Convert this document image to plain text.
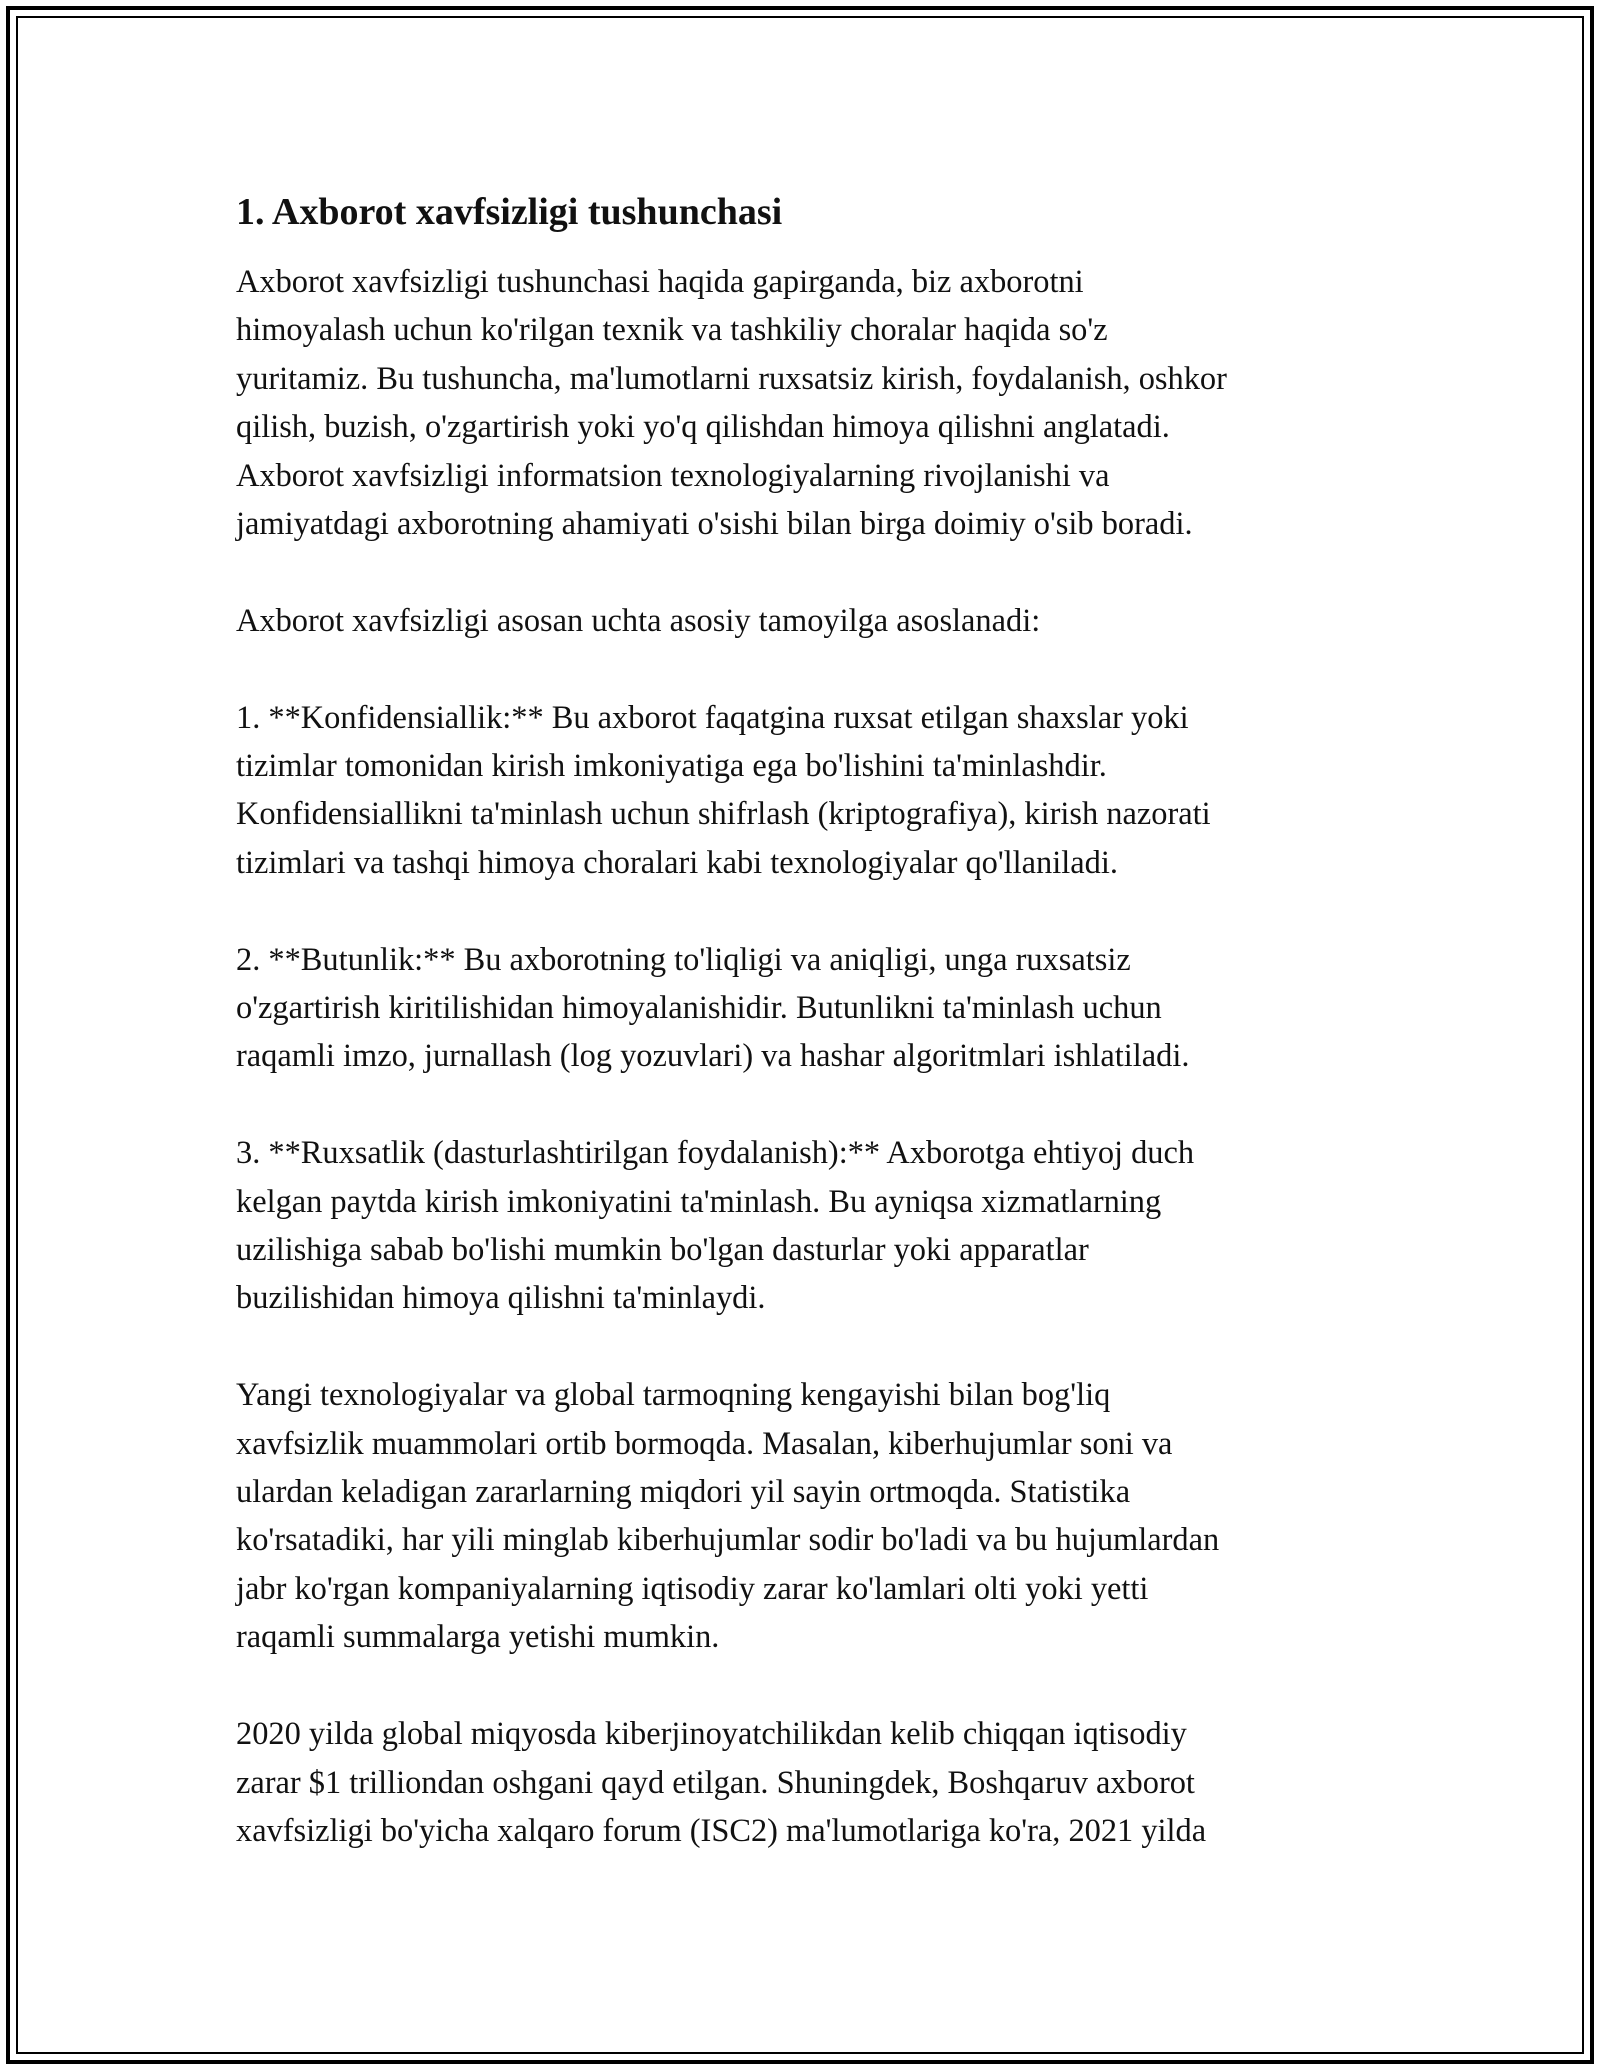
1. Axborot xavfsizligi tushunchasi
Axborot xavfsizligi tushunchasi haqida gapirganda, biz axborotni
himoyalash uchun ko'rilgan texnik va tashkiliy choralar haqida so'z
yuritamiz. Bu tushuncha, ma'lumotlarni ruxsatsiz kirish, foydalanish, oshkor
qilish, buzish, o'zgartirish yoki yo'q qilishdan himoya qilishni anglatadi.
Axborot xavfsizligi informatsion texnologiyalarning rivojlanishi va
jamiyatdagi axborotning ahamiyati o'sishi bilan birga doimiy o'sib boradi.
Axborot xavfsizligi asosan uchta asosiy tamoyilga asoslanadi:
1. **Konfidensiallik:** Bu axborot faqatgina ruxsat etilgan shaxslar yoki
tizimlar tomonidan kirish imkoniyatiga ega bo'lishini ta'minlashdir.
Konfidensiallikni ta'minlash uchun shifrlash (kriptografiya), kirish nazorati
tizimlari va tashqi himoya choralari kabi texnologiyalar qo'llaniladi.
2. **Butunlik:** Bu axborotning to'liqligi va aniqligi, unga ruxsatsiz
o'zgartirish kiritilishidan himoyalanishidir. Butunlikni ta'minlash uchun
raqamli imzo, jurnallash (log yozuvlari) va hashar algoritmlari ishlatiladi.
3. **Ruxsatlik (dasturlashtirilgan foydalanish):** Axborotga ehtiyoj duch
kelgan paytda kirish imkoniyatini ta'minlash. Bu ayniqsa xizmatlarning
uzilishiga sabab bo'lishi mumkin bo'lgan dasturlar yoki apparatlar
buzilishidan himoya qilishni ta'minlaydi.
Yangi texnologiyalar va global tarmoqning kengayishi bilan bog'liq
xavfsizlik muammolari ortib bormoqda. Masalan, kiberhujumlar soni va
ulardan keladigan zararlarning miqdori yil sayin ortmoqda. Statistika
ko'rsatadiki, har yili minglab kiberhujumlar sodir bo'ladi va bu hujumlardan
jabr ko'rgan kompaniyalarning iqtisodiy zarar ko'lamlari olti yoki yetti
raqamli summalarga yetishi mumkin.
2020 yilda global miqyosda kiberjinoyatchilikdan kelib chiqqan iqtisodiy
zarar $1 trilliondan oshgani qayd etilgan. Shuningdek, Boshqaruv axborot
xavfsizligi bo'yicha xalqaro forum (ISC2) ma'lumotlariga ko'ra, 2021 yilda
